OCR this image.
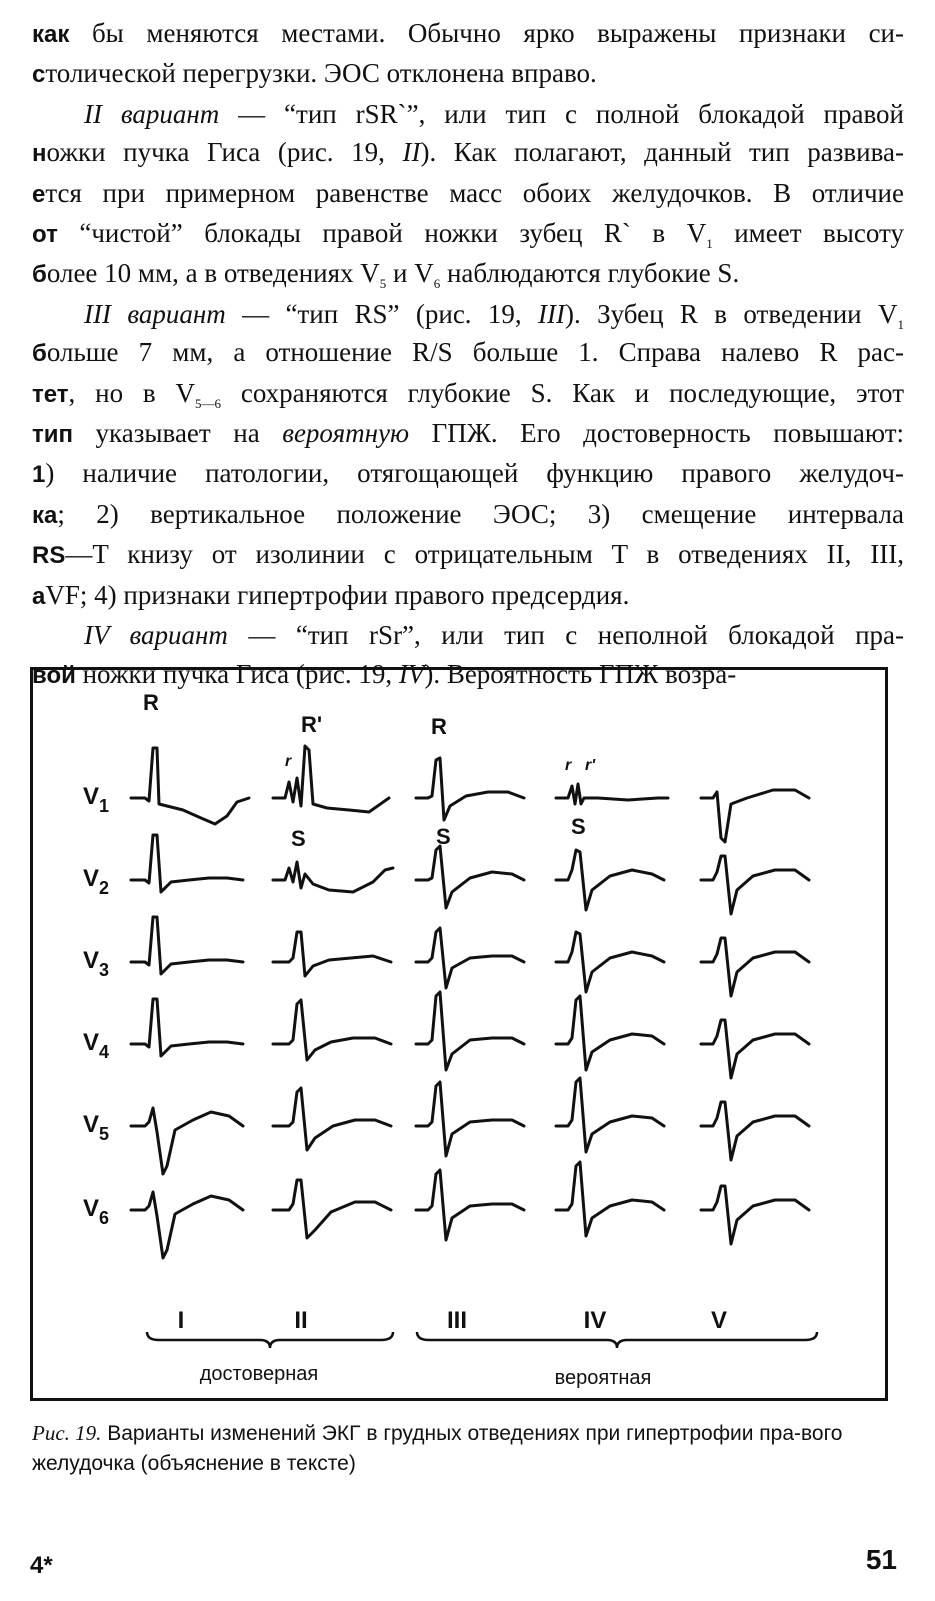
как бы меняются местами. Обычно ярко выражены признаки си-
столической перегрузки. ЭОС отклонена вправо.
II вариант — “тип rSR`”, или тип с полной блокадой правой
ножки пучка Гиса (рис. 19, II). Как полагают, данный тип развива-
ется при примерном равенстве масс обоих желудочков. В отличие
от “чистой” блокады правой ножки зубец R` в $V_1$ имеет высоту
более 10 мм, а в отведениях $V_5$ и $V_6$ наблюдаются глубокие S.
III вариант — “тип RS” (рис. 19, III). Зубец R в отведении $V_1$
больше 7 мм, а отношение R/S больше 1. Справа налево R рас-
тет, но в $V_{5—6}$ сохраняются глубокие S. Как и последующие, этот
тип указывает на вероятную ГПЖ. Его достоверность повышают:
1) наличие патологии, отягощающей функцию правого желудоч-
ка; 2) вертикальное положение ЭОС; 3) смещение интервала
RS—T книзу от изолинии с отрицательным T в отведениях II, III,
aVF; 4) признаки гипертрофии правого предсердия.
IV вариант — “тип rSr”, или тип с неполной блокадой пра-
вой ножки пучка Гиса (рис. 19, IV). Вероятность ГПЖ возра-
$V_1$
$V_2$
$V_3$
$V_4$
$V_5$
$V_6$
R
R'
r
S
R
S
r r'
S
I	II	III	IV	V
достоверная	вероятная
Рис. 19. Варианты изменений ЭКГ в грудных отведениях при гипертрофии пра-вого желудочка (объяснение в тексте)
4*	51
